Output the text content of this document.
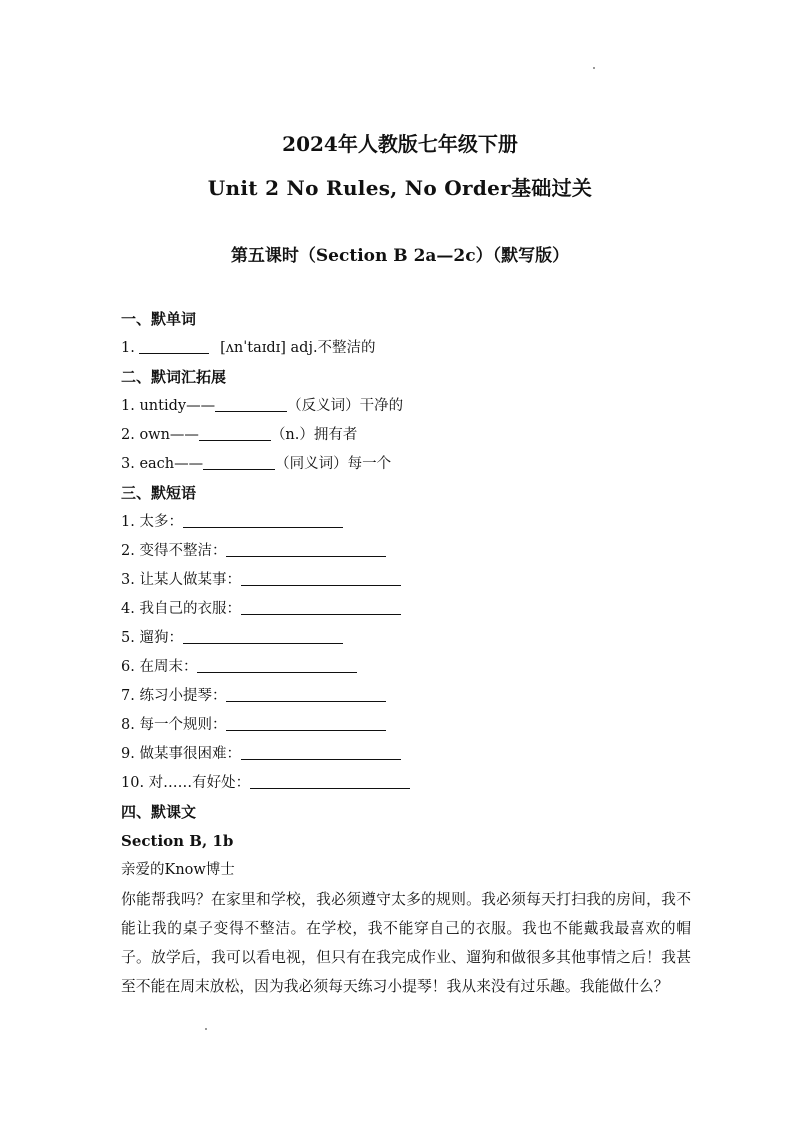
2024年人教版七年级下册
Unit 2 No Rules, No Order基础过关
第五课时（Section B 2a—2c）（默写版）
一、默单词
1.	[ʌnˈtaɪdɪ] adj.不整洁的
二、默词汇拓展
1. untidy——	（反义词）干净的
2. own——	（n.）拥有者
3. each——	（同义词）每一个
三、默短语
1. 太多：
2. 变得不整洁：
3. 让某人做某事：
4. 我自己的衣服：
5. 遛狗：
6. 在周末：
7. 练习小提琴：
8. 每一个规则：
9. 做某事很困难：
10. 对……有好处：
四、默课文
Section B, 1b
亲爱的Know博士
你能帮我吗？在家里和学校，我必须遵守太多的规则。我必须每天打扫我的房间，我不能让我的桌子变得不整洁。在学校，我不能穿自己的衣服。我也不能戴我最喜欢的帽子。放学后，我可以看电视，但只有在我完成作业、遛狗和做很多其他事情之后！我甚至不能在周末放松，因为我必须每天练习小提琴！我从来没有过乐趣。我能做什么？
